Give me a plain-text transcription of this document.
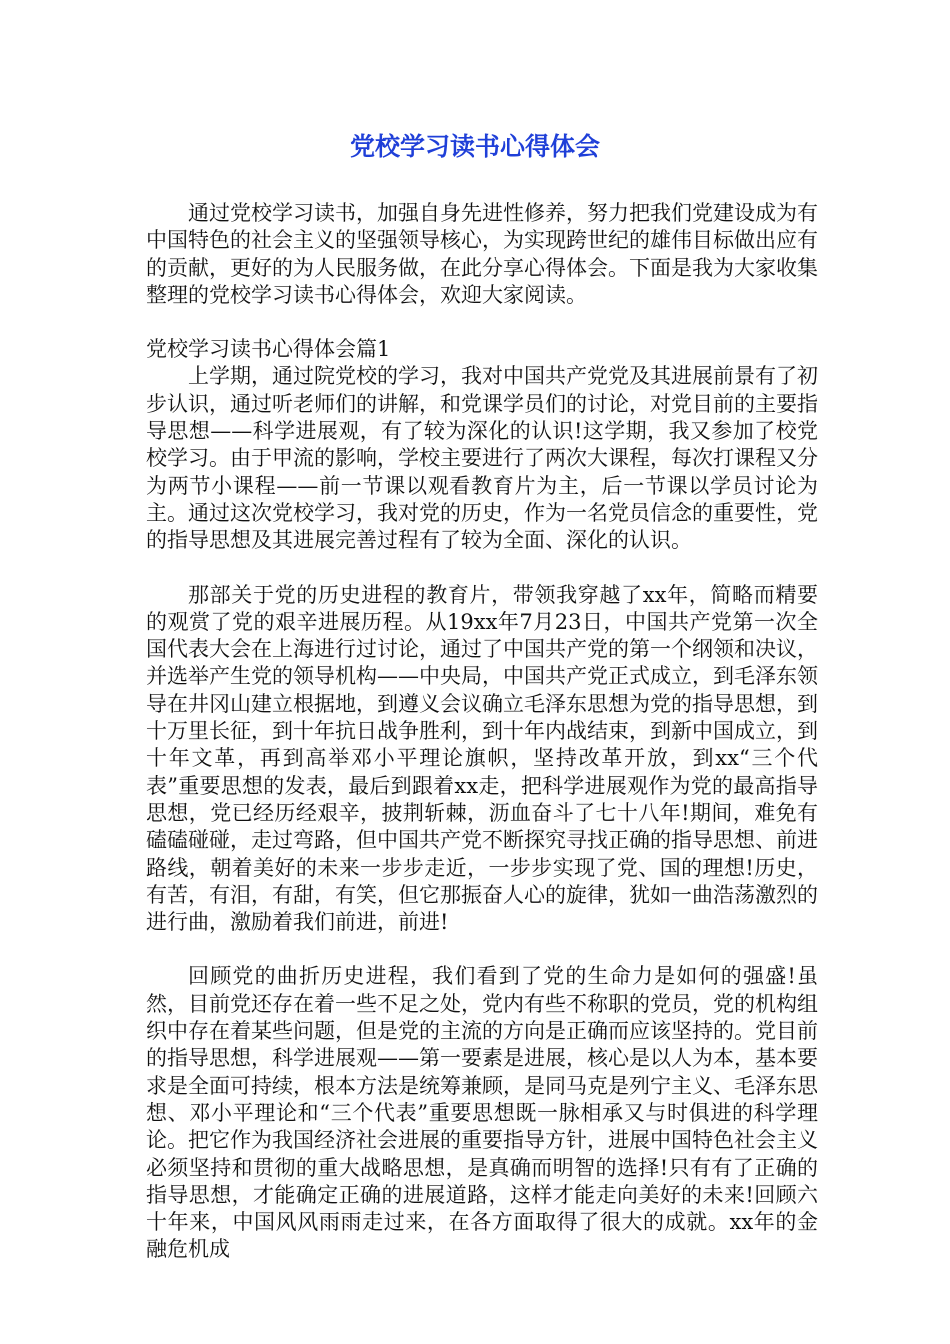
党校学习读书心得体会

通过党校学习读书，加强自身先进性修养，努力把我们党建设成为有中国特色的社会主义的坚强领导核心，为实现跨世纪的雄伟目标做出应有的贡献，更好的为人民服务做，在此分享心得体会。下面是我为大家收集整理的党校学习读书心得体会，欢迎大家阅读。

党校学习读书心得体会篇1

上学期，通过院党校的学习，我对中国共产党党及其进展前景有了初步认识，通过听老师们的讲解，和党课学员们的讨论，对党目前的主要指导思想——科学进展观，有了较为深化的认识!这学期，我又参加了校党校学习。由于甲流的影响，学校主要进行了两次大课程，每次打课程又分为两节小课程——前一节课以观看教育片为主，后一节课以学员讨论为主。通过这次党校学习，我对党的历史，作为一名党员信念的重要性，党的指导思想及其进展完善过程有了较为全面、深化的认识。

那部关于党的历史进程的教育片，带领我穿越了xx年，简略而精要的观赏了党的艰辛进展历程。从19xx年7月23日，中国共产党第一次全国代表大会在上海进行过讨论，通过了中国共产党的第一个纲领和决议，并选举产生党的领导机构——中央局，中国共产党正式成立，到毛泽东领导在井冈山建立根据地，到遵义会议确立毛泽东思想为党的指导思想，到十万里长征，到十年抗日战争胜利，到十年内战结束，到新中国成立，到十年文革，再到高举邓小平理论旗帜，坚持改革开放，到xx“三个代表”重要思想的发表，最后到跟着xx走，把科学进展观作为党的最高指导思想，党已经历经艰辛，披荆斩棘，沥血奋斗了七十八年!期间，难免有磕磕碰碰，走过弯路，但中国共产党不断探究寻找正确的指导思想、前进路线，朝着美好的未来一步步走近，一步步实现了党、国的理想!历史，有苦，有泪，有甜，有笑，但它那振奋人心的旋律，犹如一曲浩荡激烈的进行曲，激励着我们前进，前进!

回顾党的曲折历史进程，我们看到了党的生命力是如何的强盛!虽然，目前党还存在着一些不足之处，党内有些不称职的党员，党的机构组织中存在着某些问题，但是党的主流的方向是正确而应该坚持的。党目前的指导思想，科学进展观——第一要素是进展，核心是以人为本，基本要求是全面可持续，根本方法是统筹兼顾，是同马克是列宁主义、毛泽东思想、邓小平理论和“三个代表”重要思想既一脉相承又与时俱进的科学理论。把它作为我国经济社会进展的重要指导方针，进展中国特色社会主义必须坚持和贯彻的重大战略思想，是真确而明智的选择!只有有了正确的指导思想，才能确定正确的进展道路，这样才能走向美好的未来!回顾六十年来，中国风风雨雨走过来，在各方面取得了很大的成就。xx年的金融危机成
